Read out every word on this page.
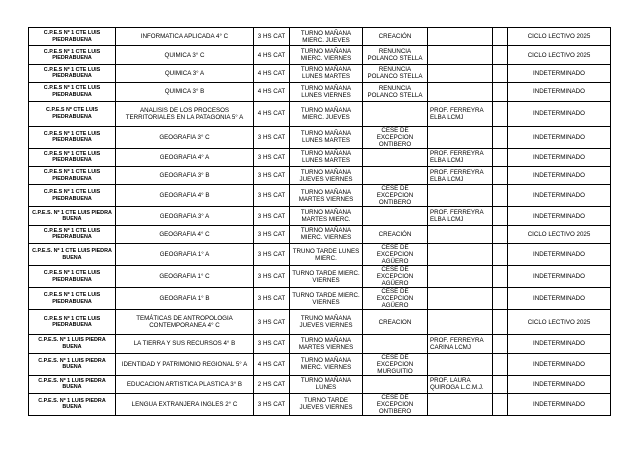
C.P.E.S Nº 1 CTE LUIS PIEDRABUENA	INFORMATICA APLICADA 4° C	3 HS CAT	TURNO MAÑANA MIERC. JUEVES	CREACIÓN			CICLO LECTIVO 2025
C.P.E.S Nº 1 CTE LUIS PIEDRABUENA	QUIMICA 3° C	4 HS CAT	TURNO MAÑANA MIERC. VIERNES	RENUNCIA POLANCO STELLA			CICLO LECTIVO 2025
C.P.E.S Nº 1 CTE LUIS PIEDRABUENA	QUIMICA 3° A	4 HS CAT	TURNO MAÑANA LUNES MARTES	RENUNCIA POLANCO STELLA			INDETERMINADO
C.P.E.S Nº 1 CTE LUIS PIEDRABUENA	QUIMICA 3° B	4 HS CAT	TURNO MAÑANA LUNES VIERNES	RENUNCIA POLANCO STELLA			INDETERMINADO
C.P.E.S Nº CTE LUIS PIEDRABUENA	ANALISIS DE LOS PROCESOS TERRITORIALES EN LA PATAGONIA 5° A	4 HS CAT	TURNO MAÑANA MIERC. JUEVES		PROF. FERREYRA ELBA LCMJ		INDETERMINADO
C.P.E.S Nº 1 CTE LUIS PIEDRABUENA	GEOGRAFIA 3° C	3 HS CAT	TURNO MAÑANA LUNES MARTES	CESE DE EXCEPCION ONTIBERO			INDETERMINADO
C.P.E.S Nº 1 CTE LUIS PIEDRABUENA	GEOGRAFIA 4° A	3 HS CAT	TURNO MAÑANA LUNES MARTES		PROF. FERREYRA ELBA LCMJ		INDETERMINADO
C.P.E.S Nº 1 CTE LUIS PIEDRABUENA	GEOGRAFIA 3° B	3 HS CAT	TURNO MAÑANA JUEVES VIERNES		PROF. FERREYRA ELBA LCMJ		INDETERMINADO
C.P.E.S Nº 1 CTE LUIS PIEDRABUENA	GEOGRAFIA 4° B	3 HS CAT	TURNO MAÑANA MARTES VIERNES	CESE DE EXCEPCION ONTIBERO			INDETERMINADO
C.P.E.S. Nº 1 CTE LUIS PIEDRA BUENA	GEOGRAFIA 3° A	3 HS CAT	TURNO MAÑANA MARTES MIERC.		PROF. FERREYRA ELBA LCMJ		INDETERMINADO
C.P.E.S Nº 1 CTE LUIS PIEDRABUENA	GEOGRAFIA 4° C	3 HS CAT	TURNO MAÑANA MIERC. VIERNES	CREACIÓN			CICLO LECTIVO 2025
C.P.E.S. Nº 1 CTE LUIS PIEDRA BUENA	GEOGRAFIA 1° A	3 HS CAT	TRUNO TARDE LUNES MIERC.	CESE DE EXCEPCION AGÜERO			INDETERMINADO
C.P.E.S Nº 1 CTE LUIS PIEDRABUENA	GEOGRAFIA 1° C	3 HS CAT	TURNO TARDE MIERC. VIERNES	CESE DE EXCEPCION AGÜERO			INDETERMINADO
C.P.E.S Nº 1 CTE LUIS PIEDRABUENA	GEOGRAFIA 1° B	3 HS CAT	TURNO TARDE MIERC. VIERNES	CESE DE EXCEPCION AGÜERO			INDETERMINADO
C.P.E.S Nº 1 CTE LUIS PIEDRABUENA	TEMÁTICAS DE ANTROPOLOGIA CONTEMPORANEA 4° C	3 HS CAT	TRUNO MAÑANA JUEVES VIERNES	CREACION			CICLO LECTIVO 2025
C.P.E.S. Nº 1 LUIS PIEDRA BUENA	LA TIERRA Y SUS RECURSOS 4° B	3 HS CAT	TURNO MAÑANA MARTES VIERNES		PROF. FERREYRA CARINA LCMJ		INDETERMINADO
C.P.E.S. Nº 1 LUIS PIEDRA BUENA	IDENTIDAD Y PATRIMONIO REGIONAL 5° A	4 HS CAT	TURNO MAÑANA MIERC. VIERNES	CESE DE EXCEPCION MURGUITIO			INDETERMINADO
C.P.E.S. Nº 1 LUIS PIEDRA BUENA	EDUCACION ARTISTICA PLASTICA 3° B	2 HS CAT	TURNO MAÑANA LUNES		PROF. LAURA QUIROGA L.C.M.J.		INDETERMINADO
C.P.E.S. Nº 1 LUIS PIEDRA BUENA	LENGUA EXTRANJERA INGLES 2° C	3 HS CAT	TURNO TARDE JUEVES VIERNES	CESE DE EXCEPCION ONTIBERO			INDETERMINADO
